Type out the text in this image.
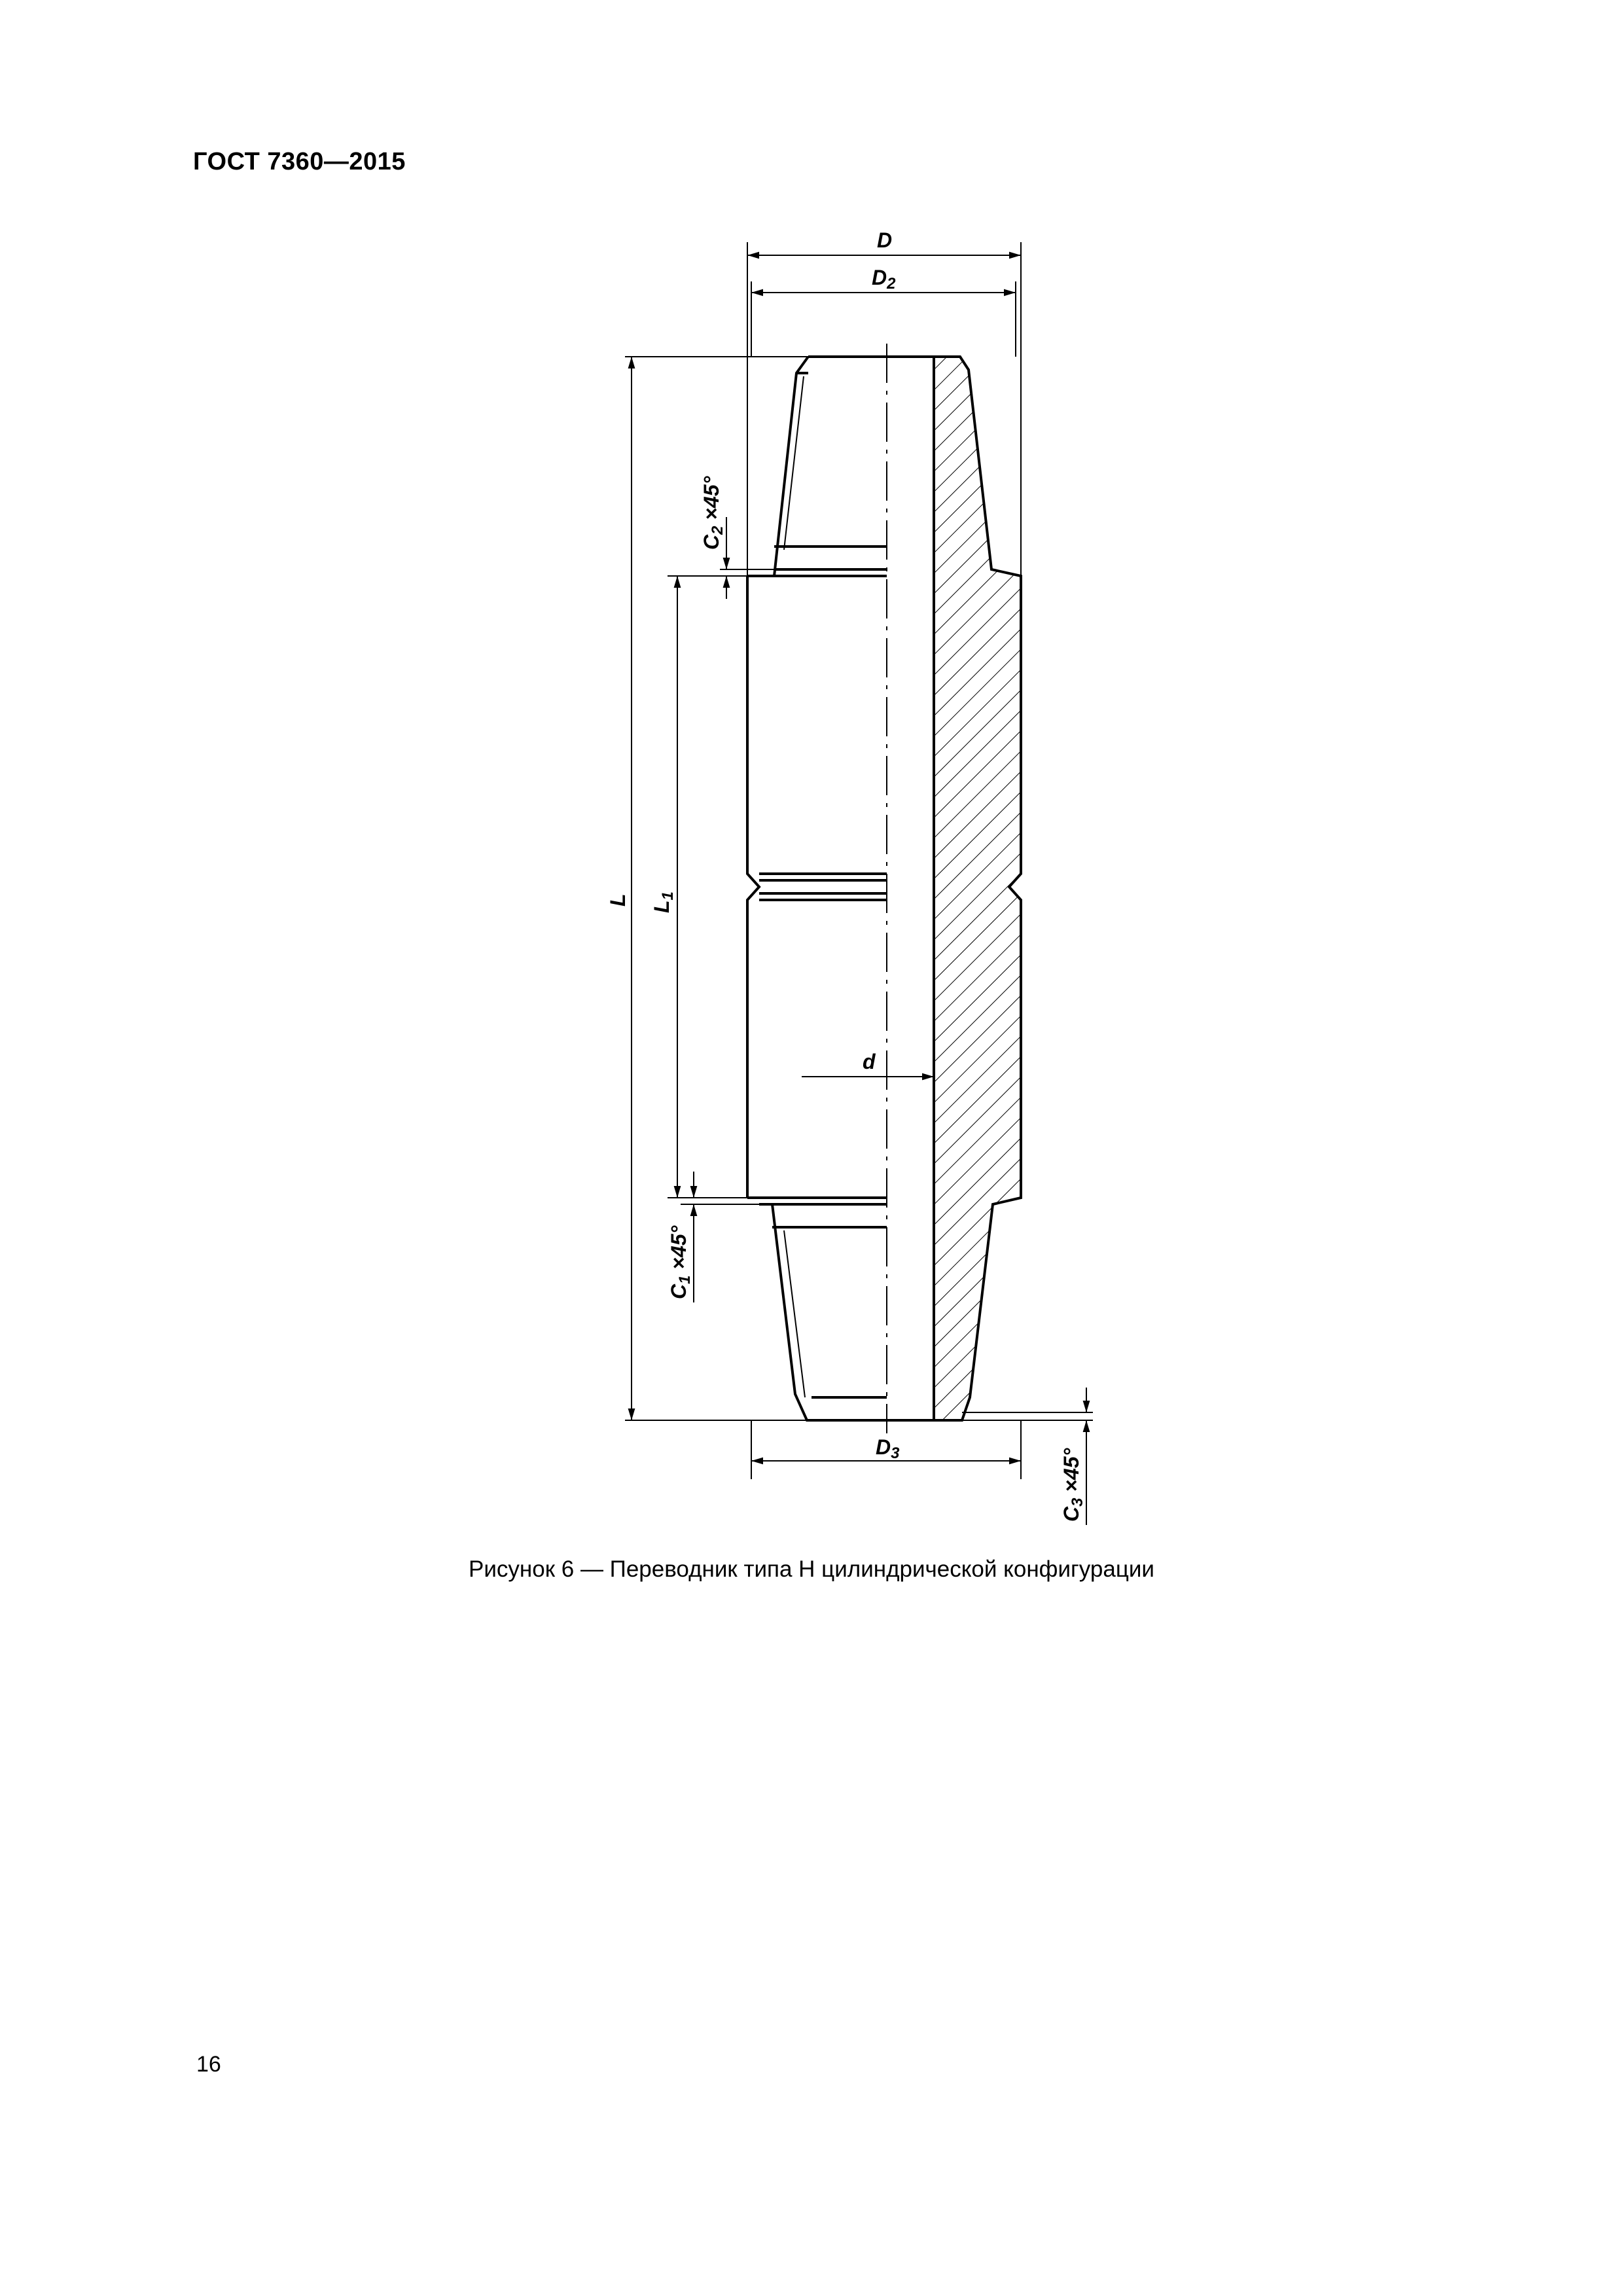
ГОСТ 7360—2015
D
D2
D3
d
L
L1
C2 ×45°
C1 ×45°
C3 ×45°
Рисунок 6 — Переводник типа Н цилиндрической конфигурации
16
